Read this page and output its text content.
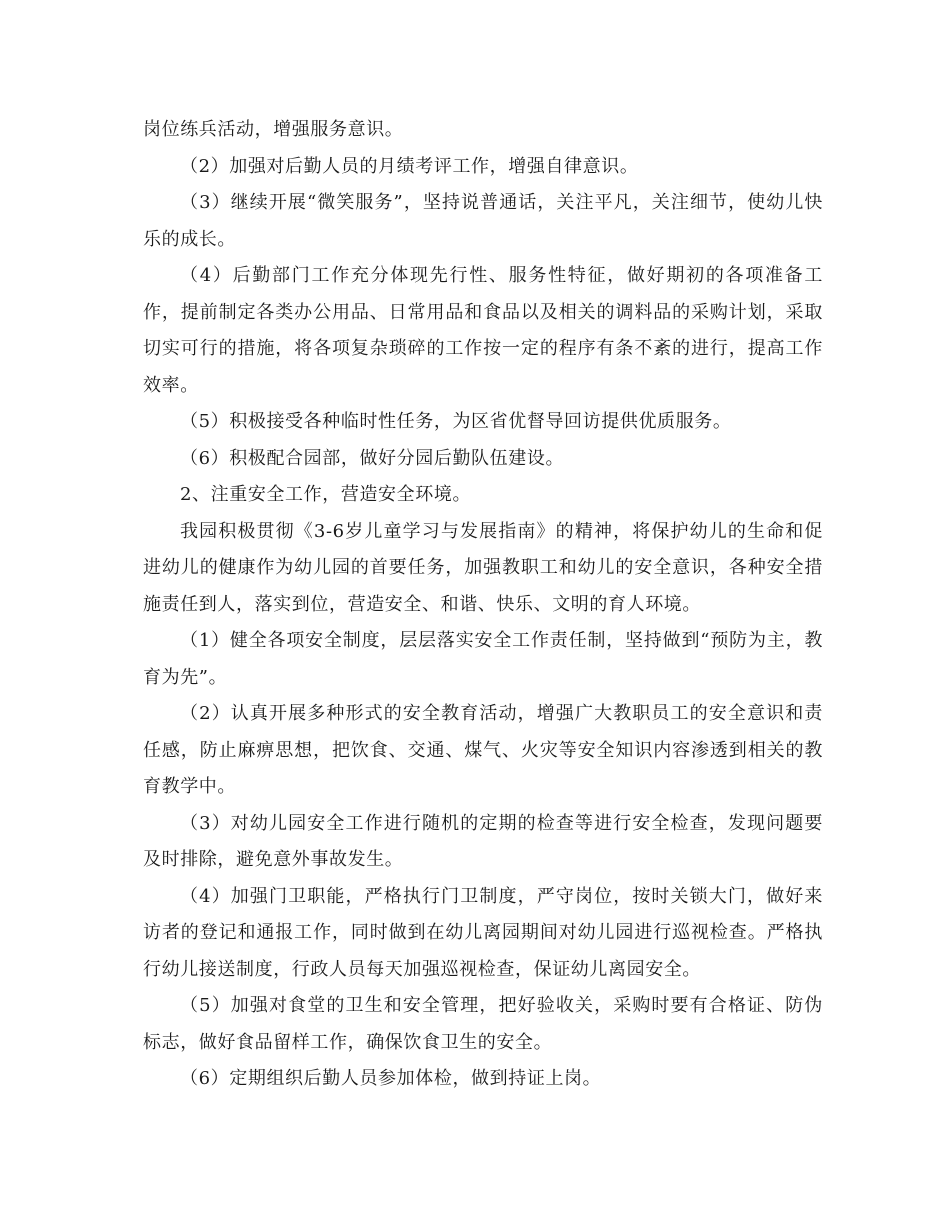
岗位练兵活动，增强服务意识。

（2）加强对后勤人员的月绩考评工作，增强自律意识。

（3）继续开展“微笑服务”，坚持说普通话，关注平凡，关注细节，使幼儿快乐的成长。

（4）后勤部门工作充分体现先行性、服务性特征，做好期初的各项准备工作，提前制定各类办公用品、日常用品和食品以及相关的调料品的采购计划，采取切实可行的措施，将各项复杂琐碎的工作按一定的程序有条不紊的进行，提高工作效率。

（5）积极接受各种临时性任务，为区省优督导回访提供优质服务。

（6）积极配合园部，做好分园后勤队伍建设。

2、注重安全工作，营造安全环境。

我园积极贯彻《3-6岁儿童学习与发展指南》的精神，将保护幼儿的生命和促进幼儿的健康作为幼儿园的首要任务，加强教职工和幼儿的安全意识，各种安全措施责任到人，落实到位，营造安全、和谐、快乐、文明的育人环境。

（1）健全各项安全制度，层层落实安全工作责任制，坚持做到“预防为主，教育为先”。

（2）认真开展多种形式的安全教育活动，增强广大教职员工的安全意识和责任感，防止麻痹思想，把饮食、交通、煤气、火灾等安全知识内容渗透到相关的教育教学中。

（3）对幼儿园安全工作进行随机的定期的检查等进行安全检查，发现问题要及时排除，避免意外事故发生。

（4）加强门卫职能，严格执行门卫制度，严守岗位，按时关锁大门，做好来访者的登记和通报工作，同时做到在幼儿离园期间对幼儿园进行巡视检查。严格执行幼儿接送制度，行政人员每天加强巡视检查，保证幼儿离园安全。

（5）加强对食堂的卫生和安全管理，把好验收关，采购时要有合格证、防伪标志，做好食品留样工作，确保饮食卫生的安全。

（6）定期组织后勤人员参加体检，做到持证上岗。
